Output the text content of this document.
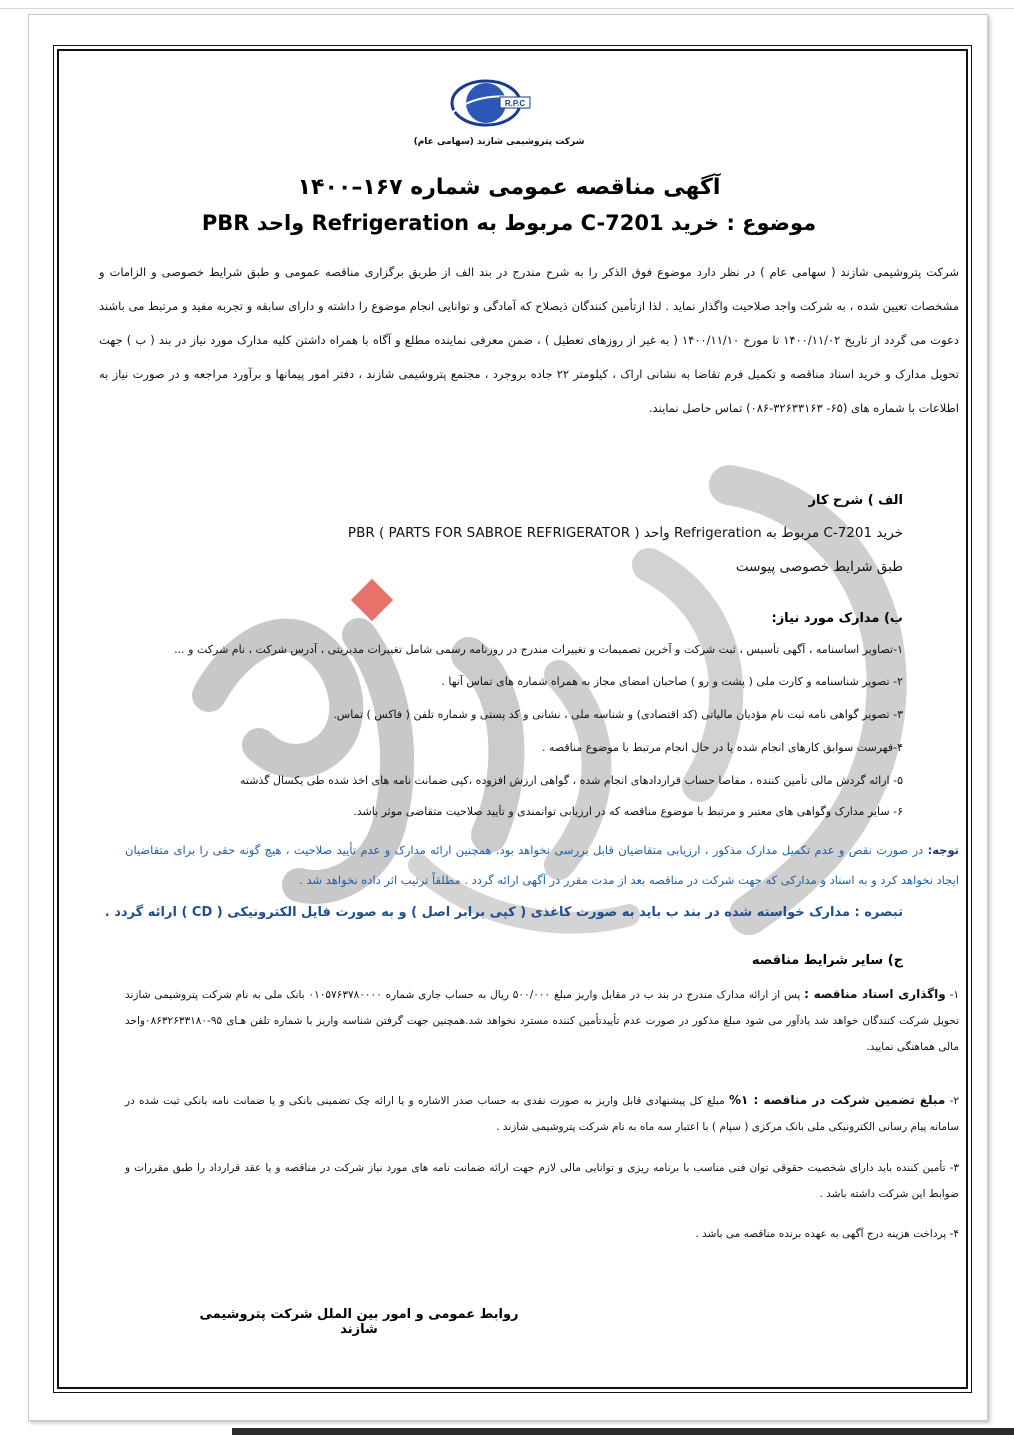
R.P.C
شرکت پتروشیمی شازند (سهامی عام)
آگهی مناقصه عمومی شماره ۱۶۷–۱۴۰۰
موضوع : خرید C-7201 مربوط به Refrigeration واحد PBR
شرکت پتروشیمی شازند ( سهامی عام ) در نظر دارد موضوع فوق الذکر را به شرح مندرج در بند الف از طریق برگزاری مناقصه عمومی و طبق شرایط خصوصی و الزامات و مشخصات تعیین شده ، به شرکت واجد صلاحیت واگذار نماید . لذا ازتأمین کنندگان ذیصلاح که آمادگی و توانایی انجام موضوع را داشته و دارای سابقه و تجربه مفید و مرتبط می باشند دعوت می گردد از تاریخ ۱۴۰۰/۱۱/۰۲ تا مورخ ۱۴۰۰/۱۱/۱۰ ( به غیر از روزهای تعطیل ) ، ضمن معرفی نماینده مطلع و آگاه با همراه داشتن کلیه مدارک مورد نیاز در بند ( ب ) جهت تحویل مدارک و خرید اسناد مناقصه و تکمیل فرم تقاضا به نشانی اراک ، کیلومتر ۲۲ جاده بروجرد ، مجتمع پتروشیمی شازند ، دفتر امور پیمانها و برآورد مراجعه و در صورت نیاز به اطلاعات با شماره های (۶۵- ۳۲۶۳۳۱۶۳-۰۸۶) تماس حاصل نمایند.
الف ) شرح کار
خرید C-7201 مربوط به Refrigeration واحد PBR ( PARTS FOR SABROE REFRIGERATOR )
طبق شرایط خصوصی پیوست
ب) مدارک مورد نیاز:
۱-تصاویر اساسنامه ، آگهی تأسیس ، ثبت شرکت و آخرین تصمیمات و تغییرات مندرج در روزنامه رسمی شامل تغییرات مدیریتی ، آدرس شرکت ، نام شرکت و ...
۲- تصویر شناسنامه و کارت ملی ( پشت و رو ) صاحبان امضای مجاز به همراه شماره های تماس آنها .
۳- تصویر گواهی نامه ثبت نام مؤدیان مالیاتی (کد اقتصادی) و شناسه ملی ، نشانی و کد پستی و شماره تلفن ( فاکس ) تماس.
۴-فهرست سوابق کارهای انجام شده یا در حال انجام مرتبط با موضوع مناقصه .
۵- ارائه گردش مالی تأمین کننده ، مفاصا حساب قراردادهای انجام شده ، گواهی ارزش افزوده ،کپی ضمانت نامه های اخذ شده طی یکسال گذشته
۶- سایر مدارک وگواهی های معتبر و مرتبط با موضوع مناقصه که در ارزیابی توانمندی و تأیید صلاحیت متقاضی موثر باشد.
توجه: در صورت نقص و عدم تکمیل مدارک مذکور ، ارزیابی متقاضیان قابل بررسی نخواهد بود. همچنین ارائه مدارک و عدم تأیید صلاحیت ، هیچ گونه حقی را برای متقاضیان ایجاد نخواهد کرد و به اسناد و مدارکی که جهت شرکت در مناقصه بعد از مدت مقرر در آگهی ارائه گردد . مطلقاً ترتیب اثر داده نخواهد شد .
تبصره : مدارک خواسته شده در بند ب باید به صورت کاغذی ( کپی برابر اصل ) و به صورت فایل الکترونیکی ( CD ) ارائه گردد .
ج) سایر شرایط مناقصه
۱- واگذاری اسناد مناقصه : پس از ارائه مدارک مندرج در بند ب در مقابل واریز مبلغ ۵۰۰/۰۰۰ ریال به حساب جاری شماره ۰۱۰۵۷۶۳۷۸۰۰۰۰ بانک ملی به نام شرکت پتروشیمی شازند تحویل شرکت کنندگان خواهد شد یادآور می شود مبلغ مذکور در صورت عدم تأییدتأمین کننده مسترد نخواهد شد.همچنین جهت گرفتن شناسه واریز با شماره تلفن هـای ۹۵-۰۸۶۳۲۶۳۳۱۸۰واحد مالی هماهنگی نمایید.
۲- مبلغ تضمین شرکت در مناقصه : ۱% مبلغ کل پیشنهادی قابل واریز به صورت نقدی به حساب صدر الاشاره و یا ارائه چک تضمینی بانکی و یا ضمانت نامه بانکی ثبت شده در سامانه پیام رسانی الکترونیکی ملی بانک مرکزی ( سپام ) با اعتبار سه ماه به نام شرکت پتروشیمی شازند .
۳- تأمین کننده باید دارای شخصیت حقوقی توان فنی مناسب با برنامه ریزی و توانایی مالی لازم جهت ارائه ضمانت نامه های مورد نیاز شرکت در مناقصه و یا عقد قرارداد را طبق مقررات و ضوابط این شرکت داشته باشد .
۴- پرداخت هزینه درج آگهی به عهده برنده مناقصه می باشد .
روابط عمومی و امور بین الملل شرکت پتروشیمی شازند
